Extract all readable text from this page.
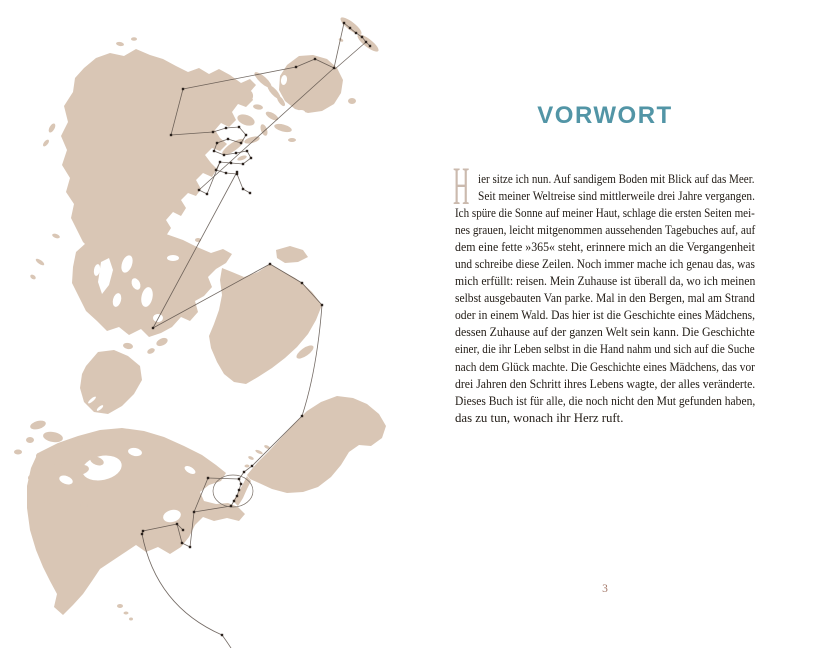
VORWORT
H ier sitze ich nun. Auf sandigem Boden mit Blick auf das Meer.
Seit meiner Weltreise sind mittlerweile drei Jahre vergangen.
Ich spüre die Sonne auf meiner Haut, schlage die ersten Seiten mei-
nes grauen, leicht mitgenommen aussehenden Tagebuches auf, auf
dem eine fette »365« steht, erinnere mich an die Vergangenheit
und schreibe diese Zeilen. Noch immer mache ich genau das, was
mich erfüllt: reisen. Mein Zuhause ist überall da, wo ich meinen
selbst ausgebauten Van parke. Mal in den Bergen, mal am Strand
oder in einem Wald. Das hier ist die Geschichte eines Mädchens,
dessen Zuhause auf der ganzen Welt sein kann. Die Geschichte
einer, die ihr Leben selbst in die Hand nahm und sich auf die Suche
nach dem Glück machte. Die Geschichte eines Mädchens, das vor
drei Jahren den Schritt ihres Lebens wagte, der alles veränderte.
Dieses Buch ist für alle, die noch nicht den Mut gefunden haben,
das zu tun, wonach ihr Herz ruft.
3
